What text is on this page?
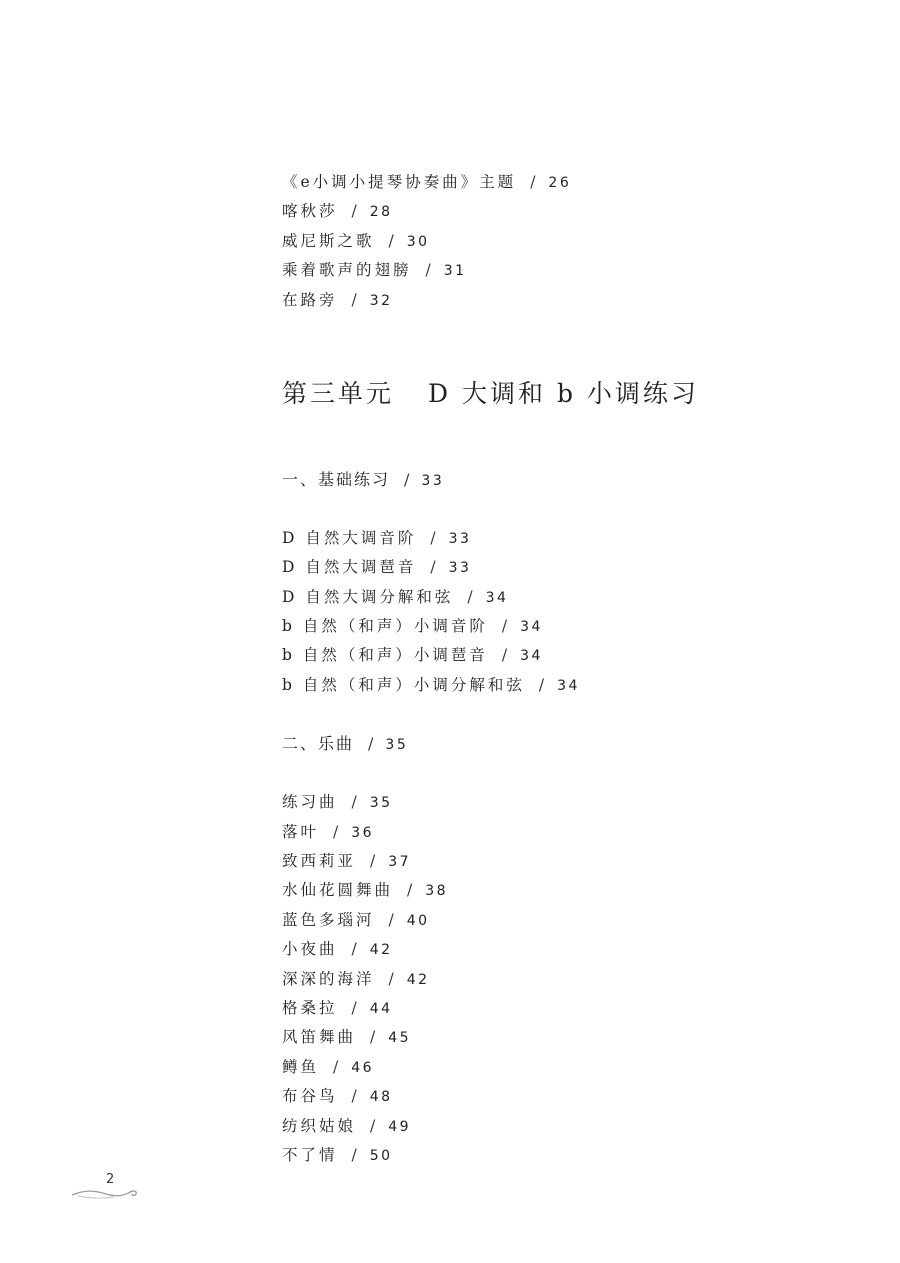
《e小调小提琴协奏曲》主题 / 26
喀秋莎 / 28
威尼斯之歌 / 30
乘着歌声的翅膀 / 31
在路旁 / 32
第三单元 D 大调和 b 小调练习
一、基础练习 / 33
D 自然大调音阶 / 33
D 自然大调琶音 / 33
D 自然大调分解和弦 / 34
b 自然（和声）小调音阶 / 34
b 自然（和声）小调琶音 / 34
b 自然（和声）小调分解和弦 / 34
二、乐曲 / 35
练习曲 / 35
落叶 / 36
致西莉亚 / 37
水仙花圆舞曲 / 38
蓝色多瑙河 / 40
小夜曲 / 42
深深的海洋 / 42
格桑拉 / 44
风笛舞曲 / 45
鳟鱼 / 46
布谷鸟 / 48
纺织姑娘 / 49
不了情 / 50
2
